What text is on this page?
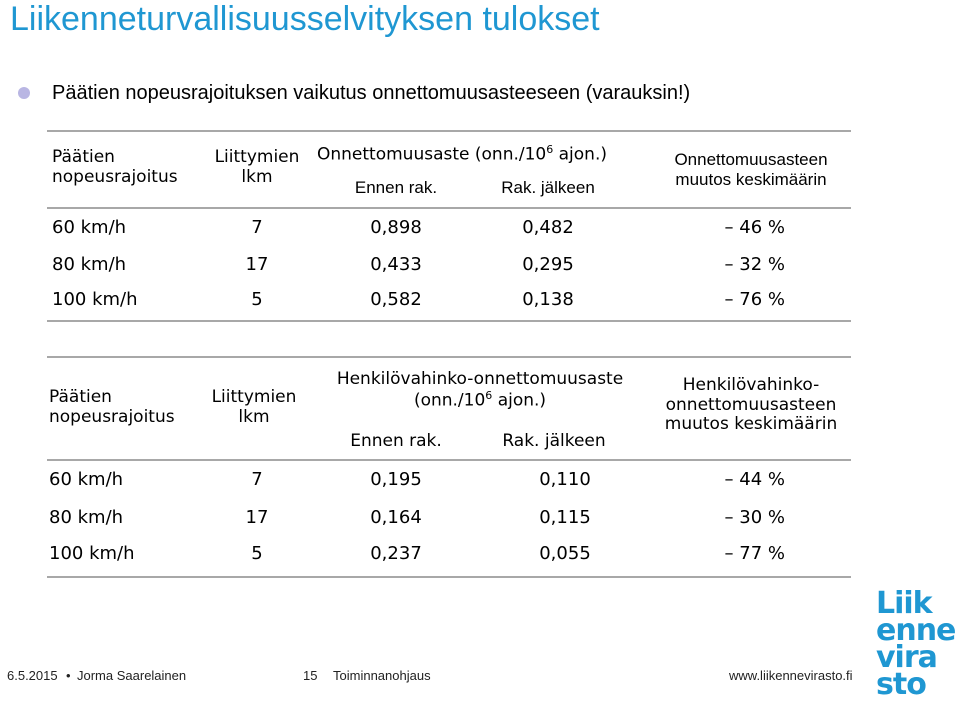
Liikenneturvallisuusselvityksen tulokset
Päätien nopeusrajoituksen vaikutus onnettomuusasteeseen (varauksin!)
Päätien
nopeusrajoitus
Liittymien
lkm
Onnettomuusaste ($onn./10^6$ ajon.)
Ennen rak.	Rak. jälkeen
Onnettomuusasteen
muutos keskimäärin
60 km/h	7	0,898	0,482	– 46 %
80 km/h	17	0,433	0,295	– 32 %
100 km/h	5	0,582	0,138	– 76 %
Päätien
nopeusrajoitus
Liittymien
lkm
Henkilövahinko-onnettomuusaste
($onn./10^6$ ajon.)
Ennen rak.	Rak. jälkeen
Henkilövahinko-
onnettomuusasteen
muutos keskimäärin
60 km/h	7	0,195	0,110	– 44 %
80 km/h	17	0,164	0,115	– 30 %
100 km/h	5	0,237	0,055	– 77 %
Liik
enne
vira
sto
6.5.2015 • Jorma Saarelainen	15 Toiminnanohjaus	www.liikennevirasto.fi
